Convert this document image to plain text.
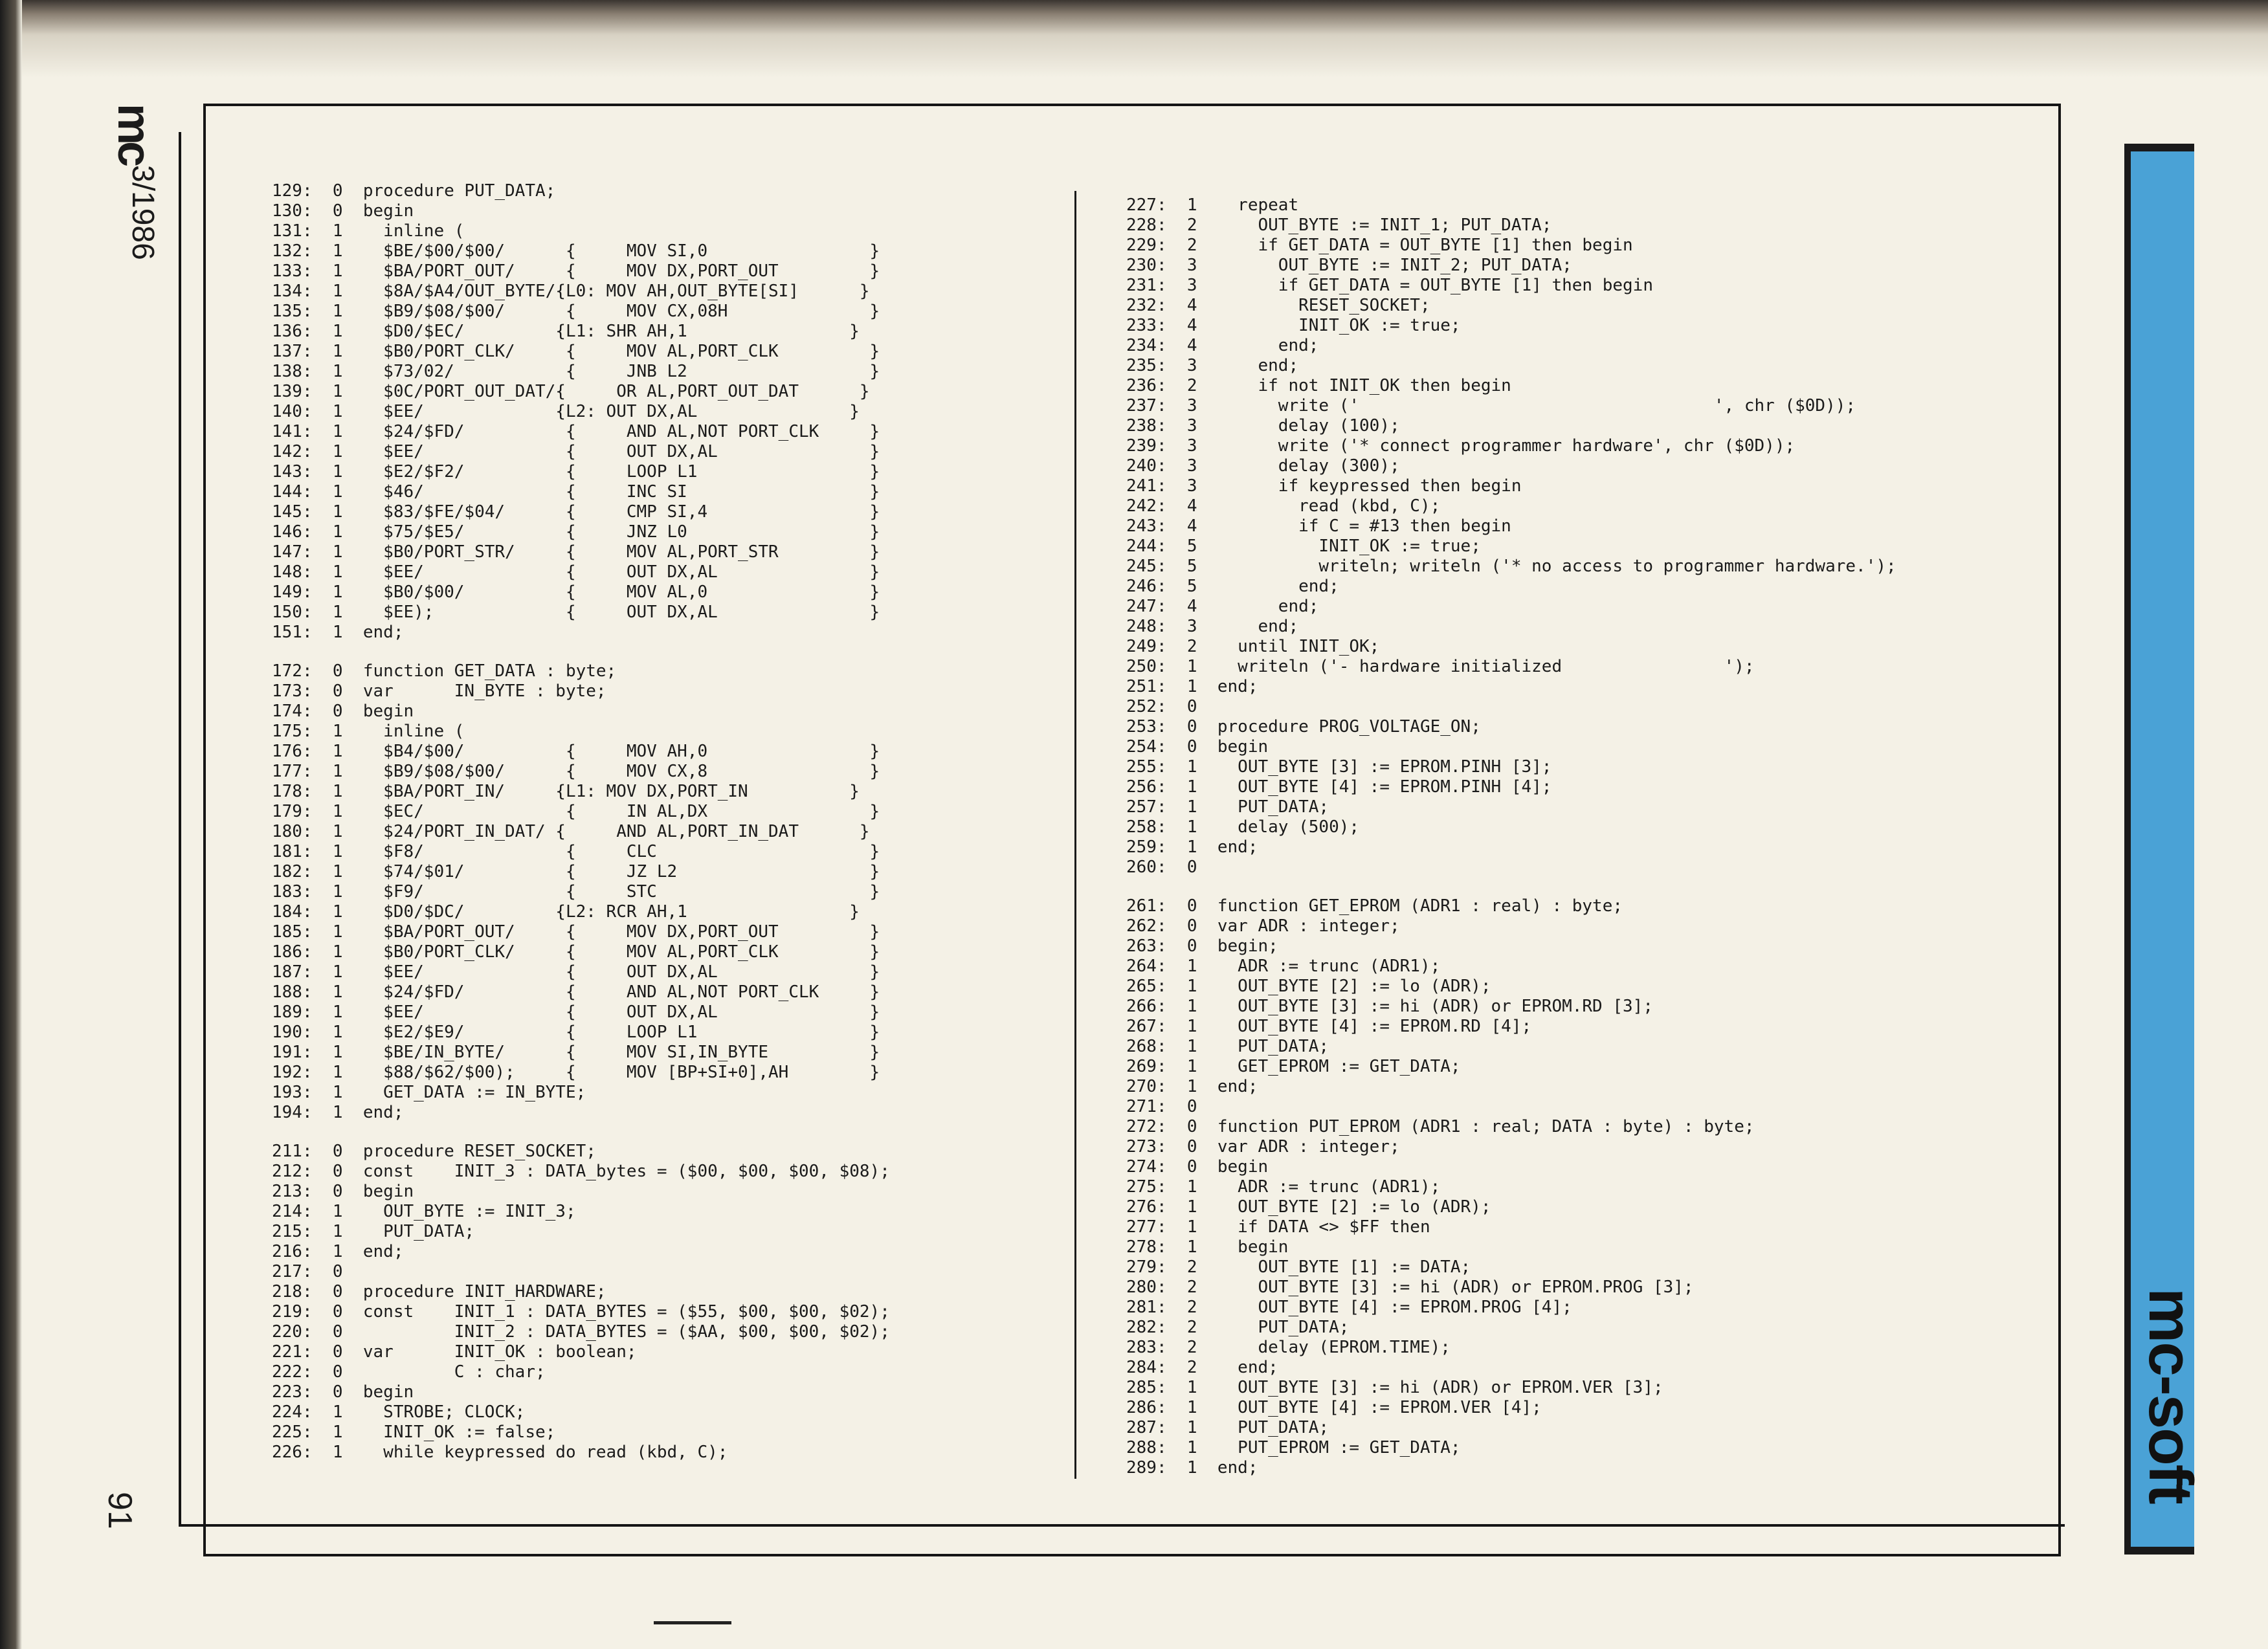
mc
3/1986
91
129:  0  procedure PUT_DATA;
130:  0  begin
131:  1    inline (
132:  1    $BE/$00/$00/      {     MOV SI,0                }
133:  1    $BA/PORT_OUT/     {     MOV DX,PORT_OUT         }
134:  1    $8A/$A4/OUT_BYTE/{L0: MOV AH,OUT_BYTE[SI]      }
135:  1    $B9/$08/$00/      {     MOV CX,08H              }
136:  1    $D0/$EC/         {L1: SHR AH,1                }
137:  1    $B0/PORT_CLK/     {     MOV AL,PORT_CLK         }
138:  1    $73/02/           {     JNB L2                  }
139:  1    $0C/PORT_OUT_DAT/{     OR AL,PORT_OUT_DAT      }
140:  1    $EE/             {L2: OUT DX,AL               }
141:  1    $24/$FD/          {     AND AL,NOT PORT_CLK     }
142:  1    $EE/              {     OUT DX,AL               }
143:  1    $E2/$F2/          {     LOOP L1                 }
144:  1    $46/              {     INC SI                  }
145:  1    $83/$FE/$04/      {     CMP SI,4                }
146:  1    $75/$E5/          {     JNZ L0                  }
147:  1    $B0/PORT_STR/     {     MOV AL,PORT_STR         }
148:  1    $EE/              {     OUT DX,AL               }
149:  1    $B0/$00/          {     MOV AL,0                }
150:  1    $EE);             {     OUT DX,AL               }
151:  1  end;
172:  0  function GET_DATA : byte;
173:  0  var      IN_BYTE : byte;
174:  0  begin
175:  1    inline (
176:  1    $B4/$00/          {     MOV AH,0                }
177:  1    $B9/$08/$00/      {     MOV CX,8                }
178:  1    $BA/PORT_IN/     {L1: MOV DX,PORT_IN          }
179:  1    $EC/              {     IN AL,DX                }
180:  1    $24/PORT_IN_DAT/ {     AND AL,PORT_IN_DAT      }
181:  1    $F8/              {     CLC                     }
182:  1    $74/$01/          {     JZ L2                   }
183:  1    $F9/              {     STC                     }
184:  1    $D0/$DC/         {L2: RCR AH,1                }
185:  1    $BA/PORT_OUT/     {     MOV DX,PORT_OUT         }
186:  1    $B0/PORT_CLK/     {     MOV AL,PORT_CLK         }
187:  1    $EE/              {     OUT DX,AL               }
188:  1    $24/$FD/          {     AND AL,NOT PORT_CLK     }
189:  1    $EE/              {     OUT DX,AL               }
190:  1    $E2/$E9/          {     LOOP L1                 }
191:  1    $BE/IN_BYTE/      {     MOV SI,IN_BYTE          }
192:  1    $88/$62/$00);     {     MOV [BP+SI+0],AH        }
193:  1    GET_DATA := IN_BYTE;
194:  1  end;
211:  0  procedure RESET_SOCKET;
212:  0  const    INIT_3 : DATA_bytes = ($00, $00, $00, $08);
213:  0  begin
214:  1    OUT_BYTE := INIT_3;
215:  1    PUT_DATA;
216:  1  end;
217:  0
218:  0  procedure INIT_HARDWARE;
219:  0  const    INIT_1 : DATA_BYTES = ($55, $00, $00, $02);
220:  0           INIT_2 : DATA_BYTES = ($AA, $00, $00, $02);
221:  0  var      INIT_OK : boolean;
222:  0           C : char;
223:  0  begin
224:  1    STROBE; CLOCK;
225:  1    INIT_OK := false;
226:  1    while keypressed do read (kbd, C);
227:  1    repeat
228:  2      OUT_BYTE := INIT_1; PUT_DATA;
229:  2      if GET_DATA = OUT_BYTE [1] then begin
230:  3        OUT_BYTE := INIT_2; PUT_DATA;
231:  3        if GET_DATA = OUT_BYTE [1] then begin
232:  4          RESET_SOCKET;
233:  4          INIT_OK := true;
234:  4        end;
235:  3      end;
236:  2      if not INIT_OK then begin
237:  3        write ('                                   ', chr ($0D));
238:  3        delay (100);
239:  3        write ('* connect programmer hardware', chr ($0D));
240:  3        delay (300);
241:  3        if keypressed then begin
242:  4          read (kbd, C);
243:  4          if C = #13 then begin
244:  5            INIT_OK := true;
245:  5            writeln; writeln ('* no access to programmer hardware.');
246:  5          end;
247:  4        end;
248:  3      end;
249:  2    until INIT_OK;
250:  1    writeln ('- hardware initialized                ');
251:  1  end;
252:  0
253:  0  procedure PROG_VOLTAGE_ON;
254:  0  begin
255:  1    OUT_BYTE [3] := EPROM.PINH [3];
256:  1    OUT_BYTE [4] := EPROM.PINH [4];
257:  1    PUT_DATA;
258:  1    delay (500);
259:  1  end;
260:  0
261:  0  function GET_EPROM (ADR1 : real) : byte;
262:  0  var ADR : integer;
263:  0  begin;
264:  1    ADR := trunc (ADR1);
265:  1    OUT_BYTE [2] := lo (ADR);
266:  1    OUT_BYTE [3] := hi (ADR) or EPROM.RD [3];
267:  1    OUT_BYTE [4] := EPROM.RD [4];
268:  1    PUT_DATA;
269:  1    GET_EPROM := GET_DATA;
270:  1  end;
271:  0
272:  0  function PUT_EPROM (ADR1 : real; DATA : byte) : byte;
273:  0  var ADR : integer;
274:  0  begin
275:  1    ADR := trunc (ADR1);
276:  1    OUT_BYTE [2] := lo (ADR);
277:  1    if DATA <> $FF then
278:  1    begin
279:  2      OUT_BYTE [1] := DATA;
280:  2      OUT_BYTE [3] := hi (ADR) or EPROM.PROG [3];
281:  2      OUT_BYTE [4] := EPROM.PROG [4];
282:  2      PUT_DATA;
283:  2      delay (EPROM.TIME);
284:  2    end;
285:  1    OUT_BYTE [3] := hi (ADR) or EPROM.VER [3];
286:  1    OUT_BYTE [4] := EPROM.VER [4];
287:  1    PUT_DATA;
288:  1    PUT_EPROM := GET_DATA;
289:  1  end;	mc-soft
